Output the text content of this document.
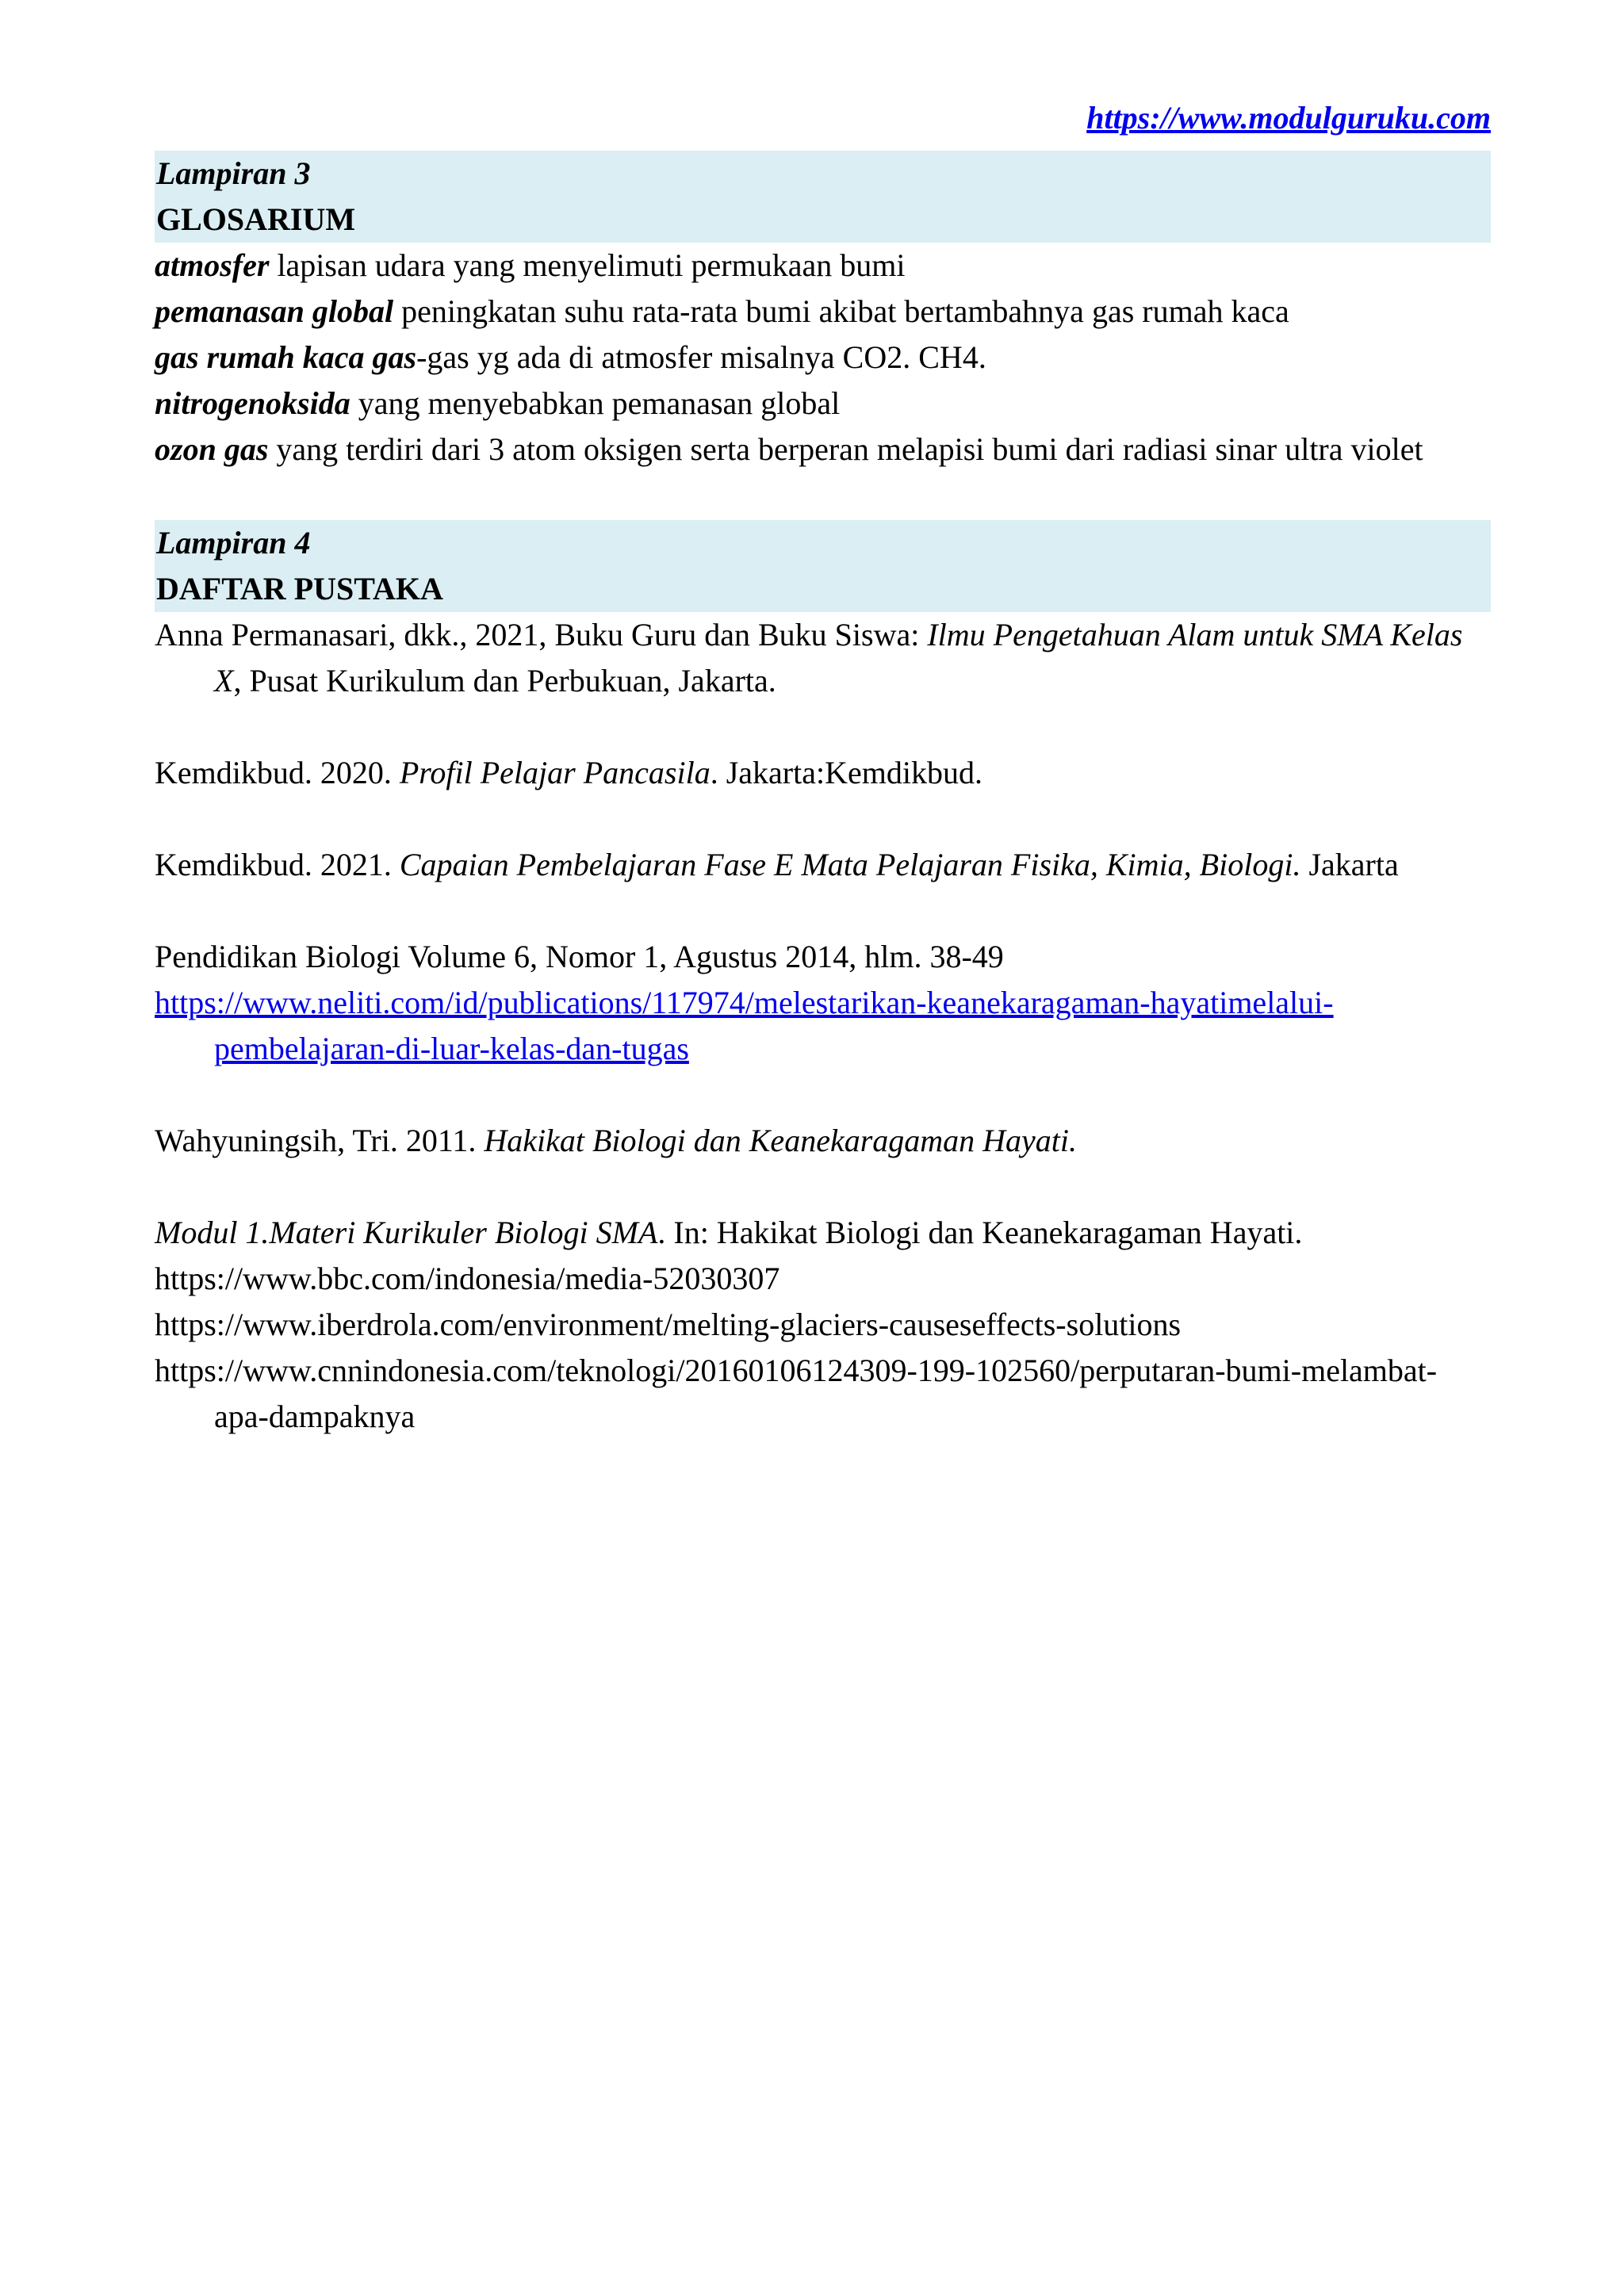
https://www.modulguruku.com
Lampiran 3
GLOSARIUM
atmosfer lapisan udara yang menyelimuti permukaan bumi
pemanasan global peningkatan suhu rata-rata bumi akibat bertambahnya gas rumah kaca
gas rumah kaca gas-gas yg ada di atmosfer misalnya CO2. CH4.
nitrogenoksida yang menyebabkan pemanasan global
ozon gas yang terdiri dari 3 atom oksigen serta berperan melapisi bumi dari radiasi sinar ultra violet
Lampiran 4
DAFTAR PUSTAKA
Anna Permanasari, dkk., 2021, Buku Guru dan Buku Siswa: Ilmu Pengetahuan Alam untuk SMA Kelas X, Pusat Kurikulum dan Perbukuan, Jakarta.
Kemdikbud. 2020. Profil Pelajar Pancasila. Jakarta:Kemdikbud.
Kemdikbud. 2021. Capaian Pembelajaran Fase E Mata Pelajaran Fisika, Kimia, Biologi. Jakarta
Pendidikan Biologi Volume 6, Nomor 1, Agustus 2014, hlm. 38-49
https://www.neliti.com/id/publications/117974/melestarikan-keanekaragaman-hayatimelalui-pembelajaran-di-luar-kelas-dan-tugas
Wahyuningsih, Tri. 2011. Hakikat Biologi dan Keanekaragaman Hayati.
Modul 1.Materi Kurikuler Biologi SMA. In: Hakikat Biologi dan Keanekaragaman Hayati.
https://www.bbc.com/indonesia/media-52030307
https://www.iberdrola.com/environment/melting-glaciers-causeseffects-solutions
https://www.cnnindonesia.com/teknologi/20160106124309-199-102560/perputaran-bumi-melambat-apa-dampaknya
